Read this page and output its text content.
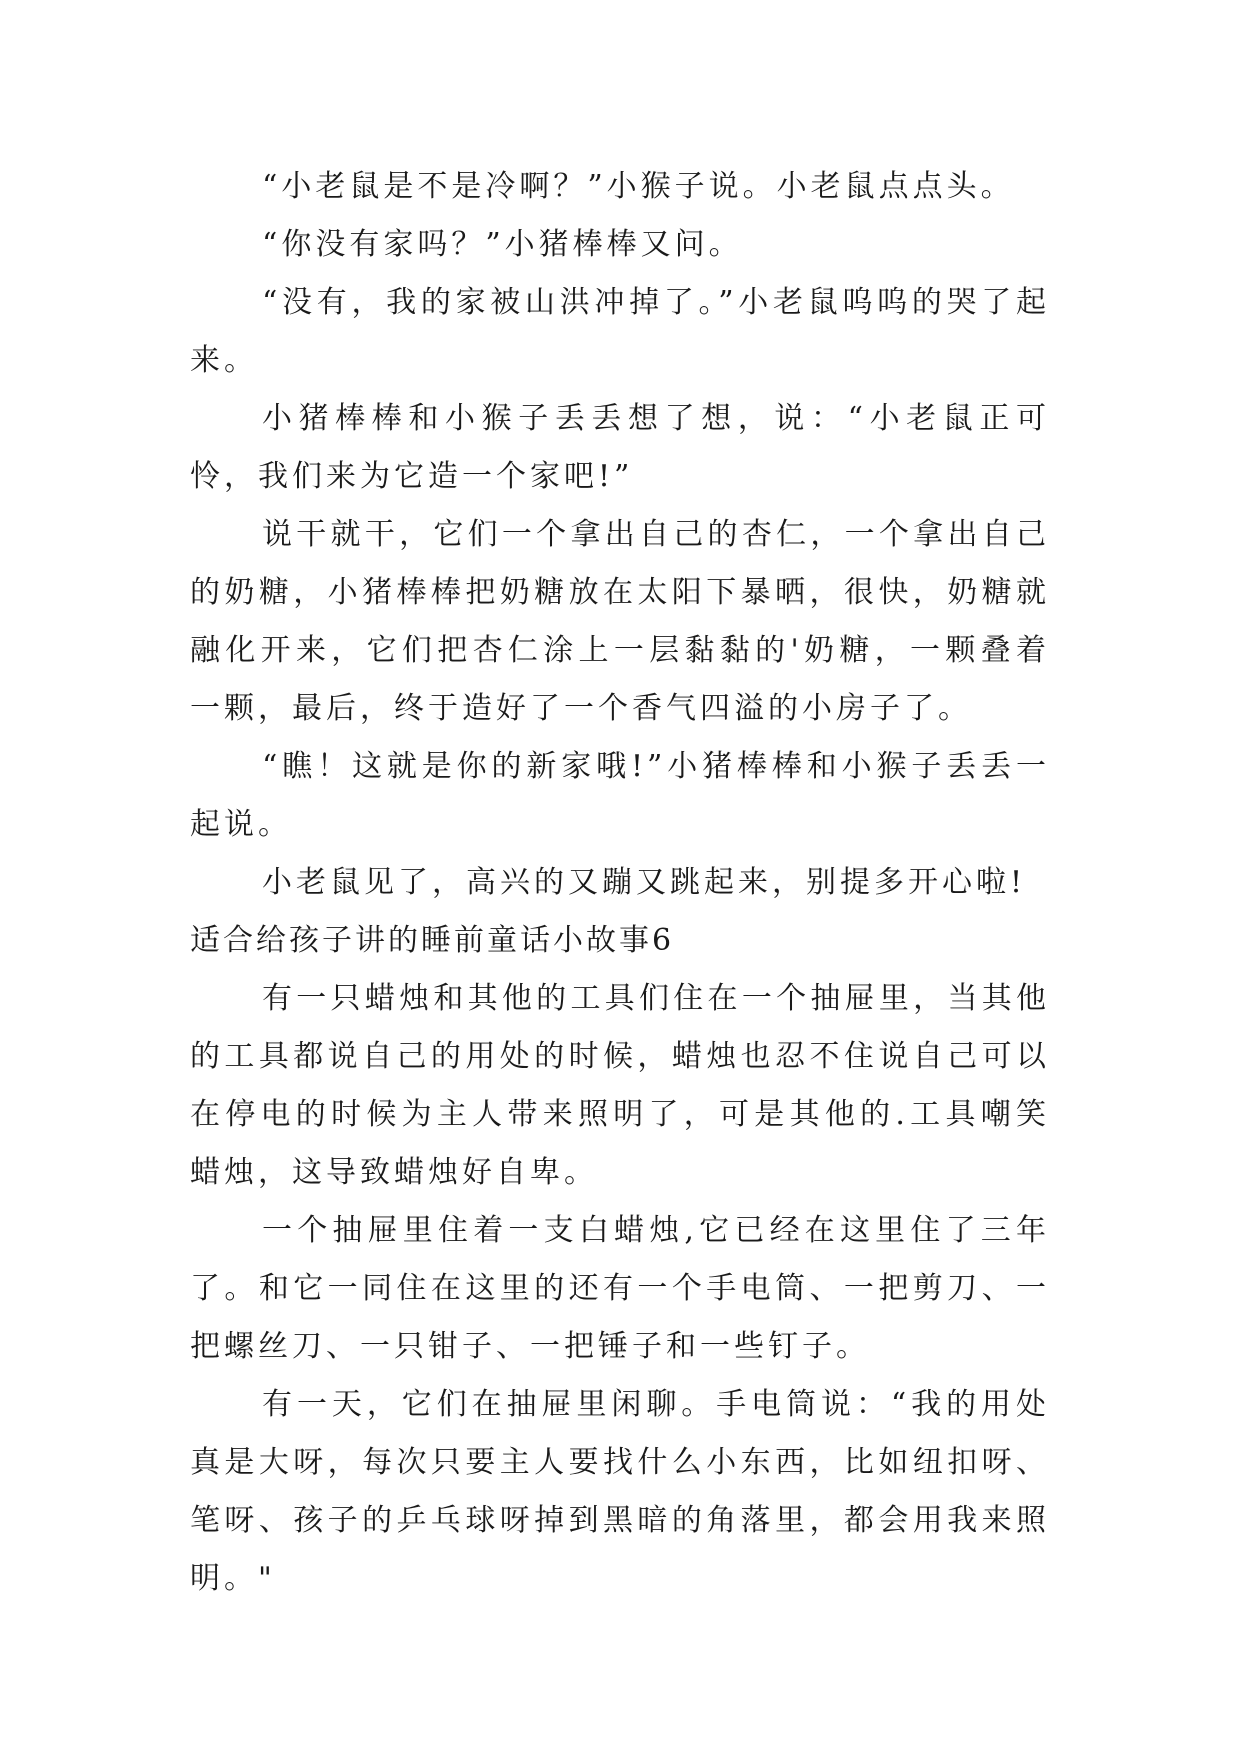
“小老鼠是不是冷啊？”小猴子说。小老鼠点点头。

“你没有家吗？”小猪棒棒又问。

“没有，我的家被山洪冲掉了。”小老鼠呜呜的哭了起来。

小猪棒棒和小猴子丢丢想了想，说：“小老鼠正可怜，我们来为它造一个家吧!”

说干就干，它们一个拿出自己的杏仁，一个拿出自己的奶糖，小猪棒棒把奶糖放在太阳下暴晒，很快，奶糖就融化开来，它们把杏仁涂上一层黏黏的'奶糖，一颗叠着一颗，最后，终于造好了一个香气四溢的小房子了。

“瞧！这就是你的新家哦!”小猪棒棒和小猴子丢丢一起说。

小老鼠见了，高兴的又蹦又跳起来，别提多开心啦!

适合给孩子讲的睡前童话小故事6

有一只蜡烛和其他的工具们住在一个抽屉里，当其他的工具都说自己的用处的时候，蜡烛也忍不住说自己可以在停电的时候为主人带来照明了，可是其他的.工具嘲笑蜡烛，这导致蜡烛好自卑。

一个抽屉里住着一支白蜡烛,它已经在这里住了三年了。和它一同住在这里的还有一个手电筒、一把剪刀、一把螺丝刀、一只钳子、一把锤子和一些钉子。

有一天，它们在抽屉里闲聊。手电筒说：“我的用处真是大呀，每次只要主人要找什么小东西，比如纽扣呀、笔呀、孩子的乒乓球呀掉到黑暗的角落里，都会用我来照明。"
